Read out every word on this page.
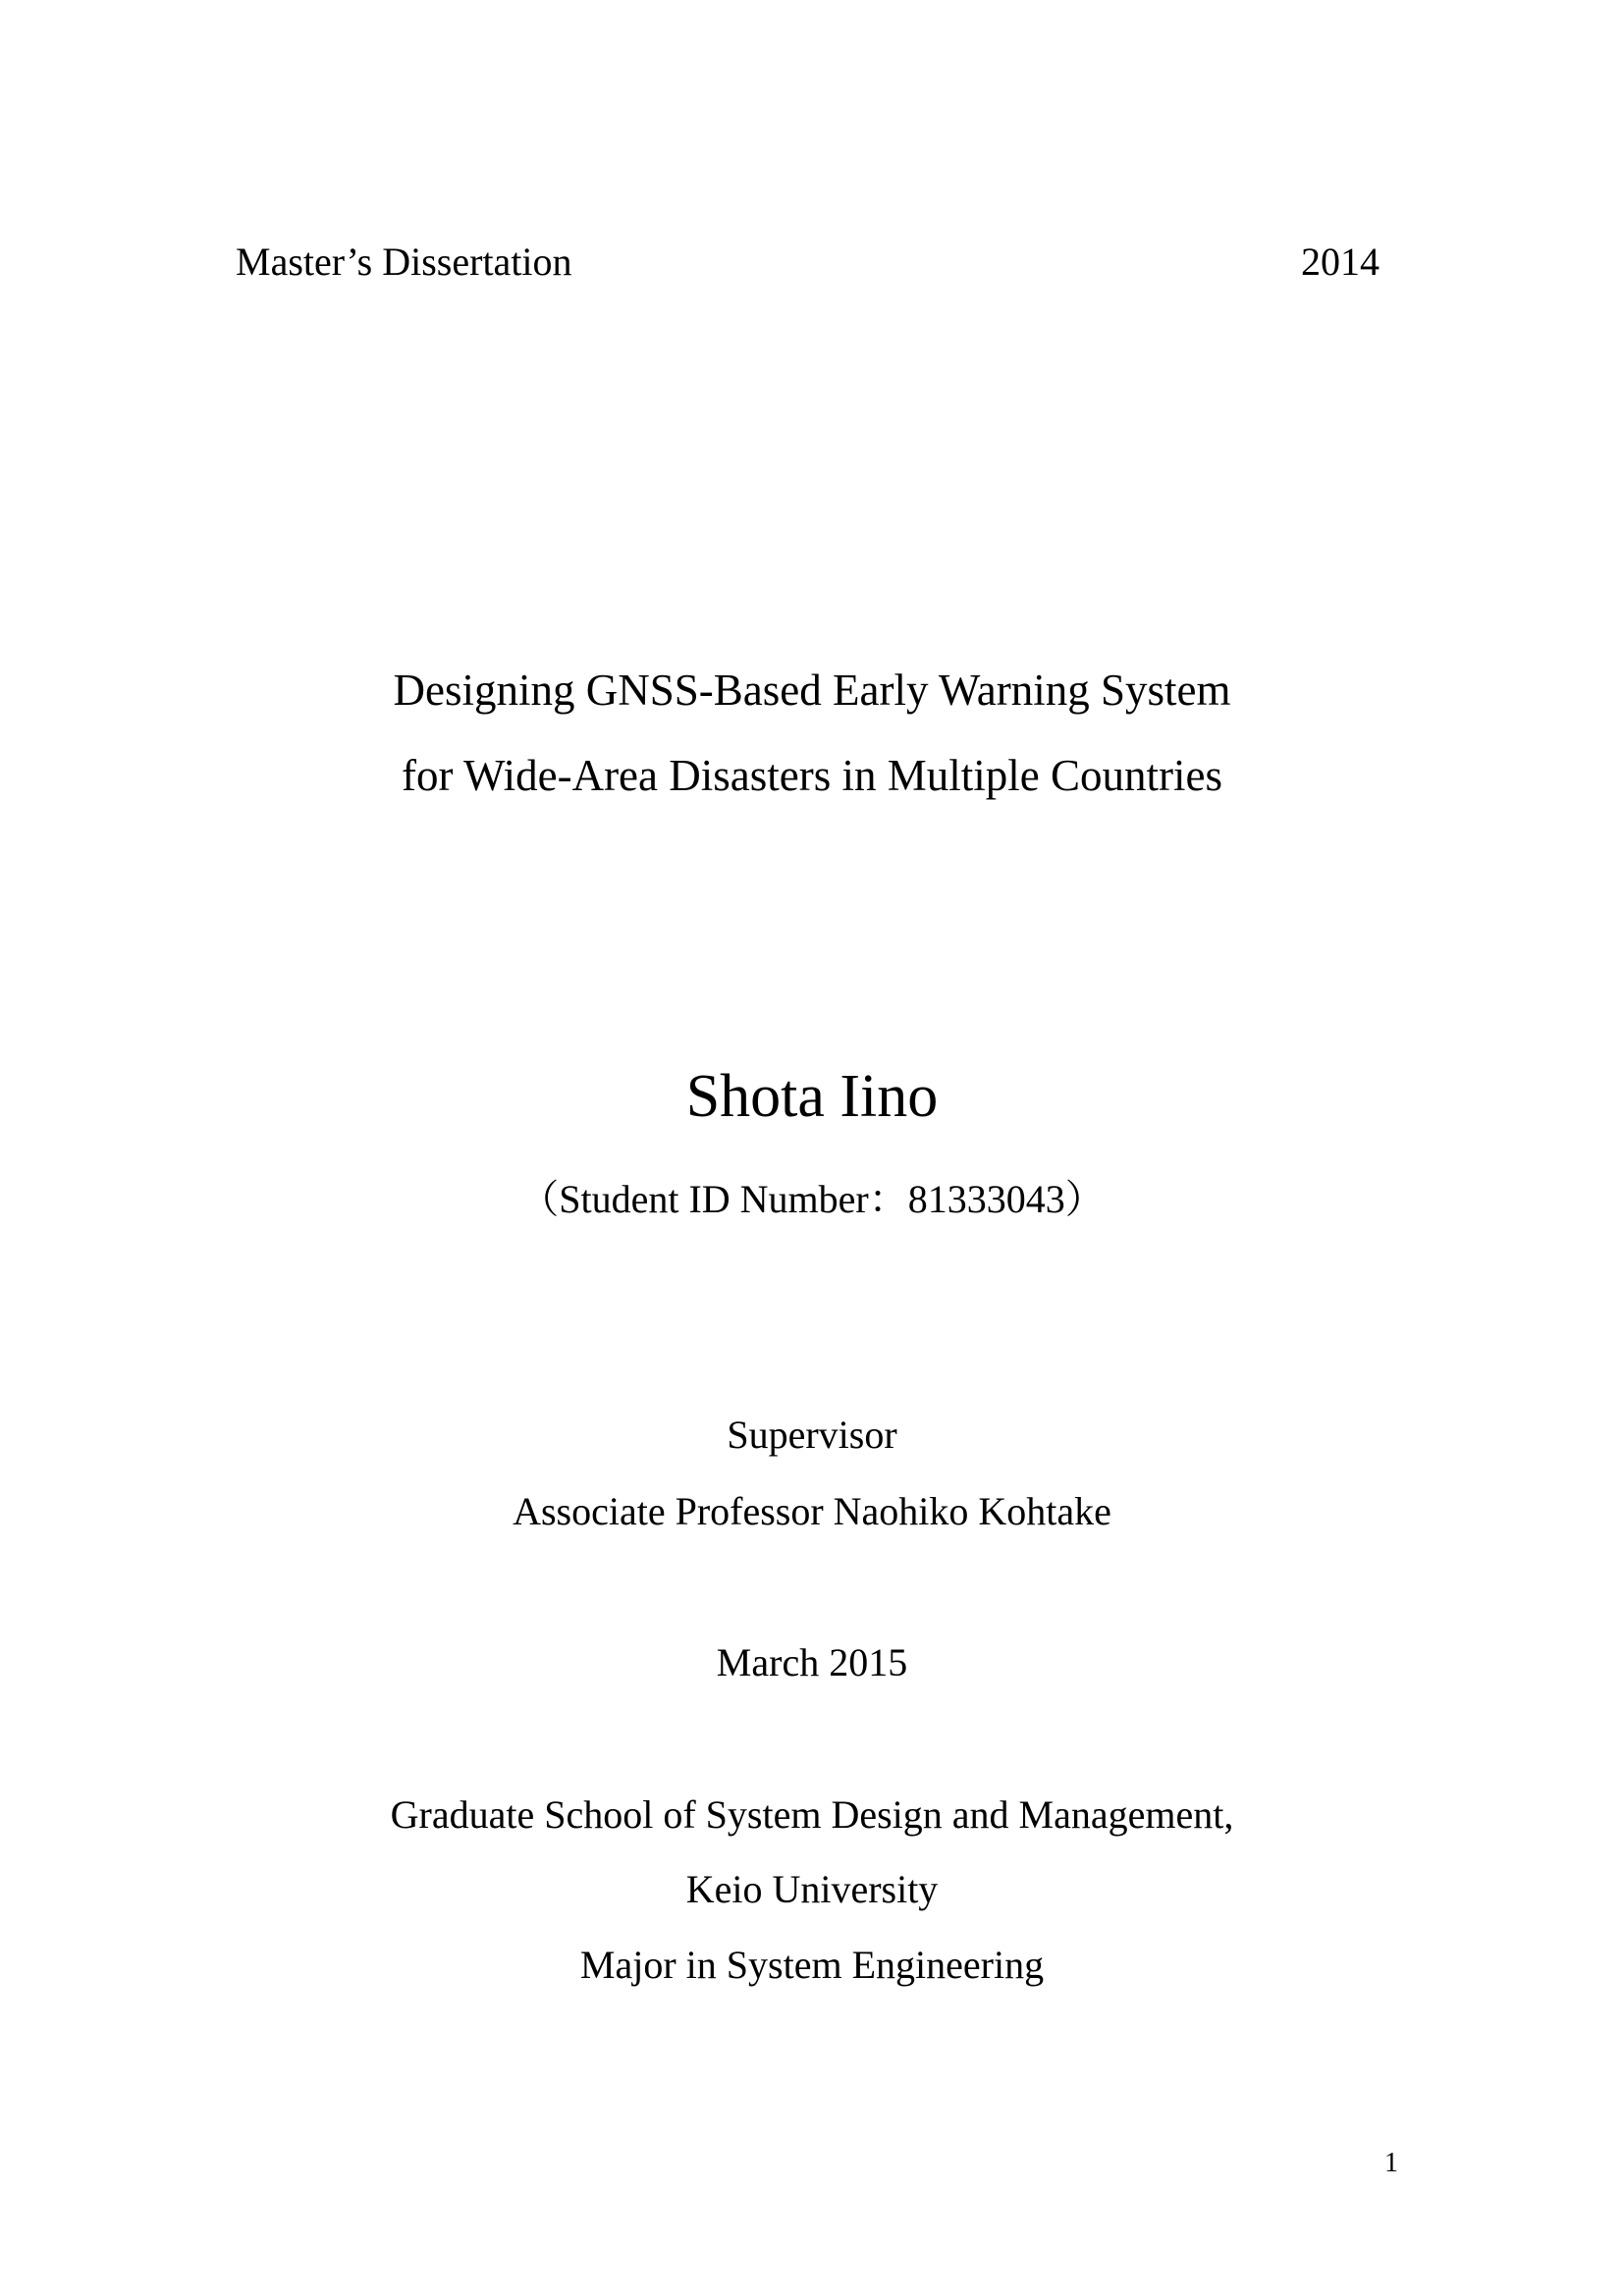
Master’s Dissertation	2014
Designing GNSS-Based Early Warning System
for Wide-Area Disasters in Multiple Countries
Shota Iino
（Student ID Number：81333043）
Supervisor
Associate Professor Naohiko Kohtake
March 2015
Graduate School of System Design and Management,
Keio University
Major in System Engineering
1
